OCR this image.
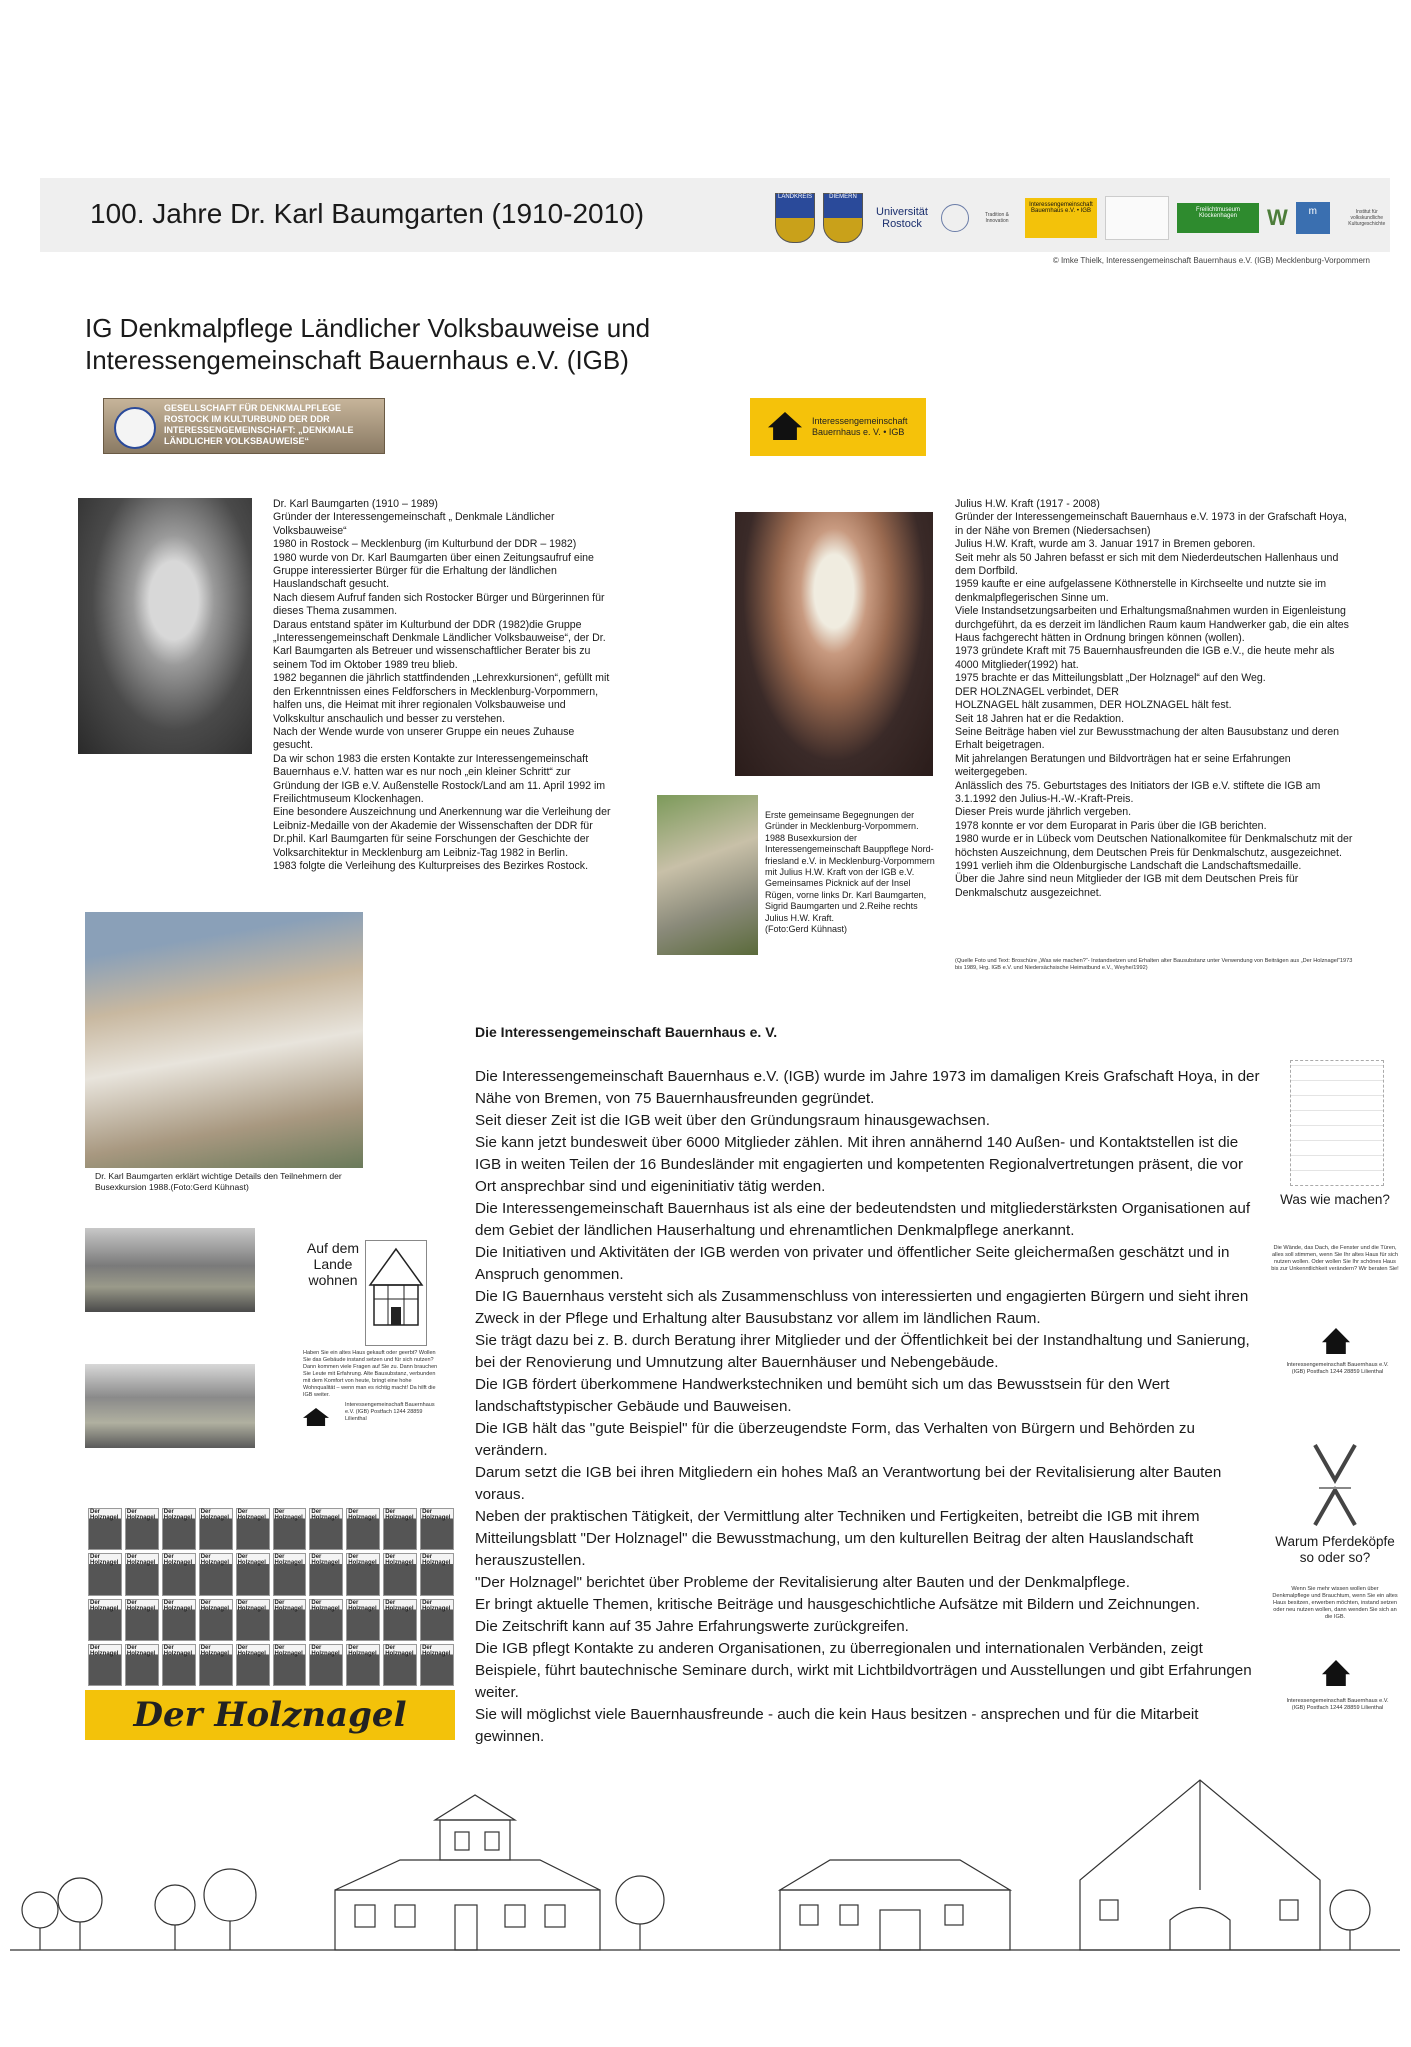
100. Jahre Dr. Karl Baumgarten (1910-2010)
LANDKREIS	DIEMERN
Universität Rostock
Tradition & Innovation
Interessengemeinschaft Bauernhaus e.V. • IGB	Freilichtmuseum Klockenhagen	W	m	Institut für volkskundliche Kulturgeschichte
© Imke Thielk, Interessengemeinschaft Bauernhaus e.V. (IGB) Mecklenburg-Vorpommern
IG Denkmalpflege Ländlicher Volksbauweise und Interessengemeinschaft Bauernhaus e.V. (IGB)
GESELLSCHAFT FÜR DENKMALPFLEGE ROSTOCK IM KULTURBUND DER DDR INTERESSENGEMEINSCHAFT: „DENKMALE LÄNDLICHER VOLKSBAUWEISE“
Interessengemeinschaft Bauernhaus e. V. • IGB
Dr. Karl Baumgarten (1910 – 1989)
Gründer der Interessengemeinschaft „ Denkmale Ländlicher Volksbauweise“
1980 in Rostock – Mecklenburg (im Kulturbund der DDR – 1982)
1980 wurde von Dr. Karl Baumgarten über einen Zeitungsaufruf eine Gruppe interessierter Bürger für die Erhaltung der ländlichen Hauslandschaft gesucht.
Nach diesem Aufruf fanden sich Rostocker Bürger und Bürgerinnen für dieses Thema zusammen.
Daraus entstand später im Kulturbund der DDR (1982)die Gruppe „Interessengemeinschaft Denkmale Ländlicher Volksbauweise“, der Dr. Karl Baumgarten als Betreuer und wissenschaftlicher Berater bis zu seinem Tod im Oktober 1989 treu blieb.
1982 begannen die jährlich stattfindenden „Lehrexkursionen“, gefüllt mit den Erkenntnissen eines Feldforschers in Mecklenburg-Vorpommern, halfen uns, die Heimat mit ihrer regionalen Volksbauweise und Volkskultur anschaulich und besser zu verstehen.
Nach der Wende wurde von unserer Gruppe ein neues Zuhause gesucht.
Da wir schon 1983 die ersten Kontakte zur Interessengemeinschaft Bauernhaus e.V. hatten war es nur noch „ein kleiner Schritt“ zur Gründung der IGB e.V. Außenstelle Rostock/Land am 11. April 1992 im Freilichtmuseum Klockenhagen.
Eine besondere Auszeichnung und Anerkennung war die Verleihung der Leibniz-Medaille von der Akademie der Wissenschaften der DDR für Dr.phil. Karl Baumgarten für seine Forschungen der Geschichte der Volksarchitektur in Mecklenburg am Leibniz-Tag 1982 in Berlin.
1983 folgte die Verleihung des Kulturpreises des Bezirkes Rostock.
Julius H.W. Kraft (1917 - 2008)
Gründer der Interessengemeinschaft Bauernhaus e.V. 1973 in der Grafschaft Hoya, in der Nähe von Bremen (Niedersachsen)
Julius H.W. Kraft, wurde am 3. Januar 1917 in Bremen geboren.
Seit mehr als 50 Jahren befasst er sich mit dem Niederdeutschen Hallenhaus und dem Dorfbild.
1959 kaufte er eine aufgelassene Köthnerstelle in Kirchseelte und nutzte sie im denkmalpflegerischen Sinne um.
Viele Instandsetzungsarbeiten und Erhaltungsmaßnahmen wurden in Eigenleistung durchgeführt, da es derzeit im ländlichen Raum kaum Handwerker gab, die ein altes Haus fachgerecht hätten in Ordnung bringen können (wollen).
1973 gründete Kraft mit 75 Bauernhausfreunden die IGB e.V., die heute mehr als 4000 Mitglieder(1992) hat.
1975 brachte er das Mitteilungsblatt „Der Holznagel“ auf den Weg.
DER HOLZNAGEL verbindet, DER
HOLZNAGEL hält zusammen, DER HOLZNAGEL hält fest.
Seit 18 Jahren hat er die Redaktion.
Seine Beiträge haben viel zur Bewusstmachung der alten Bausubstanz und deren Erhalt beigetragen.
Mit jahrelangen Beratungen und Bildvorträgen hat er seine Erfahrungen weitergegeben.
Anlässlich des 75. Geburtstages des Initiators der IGB e.V. stiftete die IGB am 3.1.1992 den Julius-H.-W.-Kraft-Preis.
Dieser Preis wurde jährlich vergeben.
1978 konnte er vor dem Europarat in Paris über die IGB berichten.
1980 wurde er in Lübeck vom Deutschen Nationalkomitee für Denkmalschutz mit der höchsten Auszeichnung, dem Deutschen Preis für Denkmalschutz, ausgezeichnet.
1991 verlieh ihm die Oldenburgische Landschaft die Landschaftsmedaille.
Über die Jahre sind neun Mitglieder der IGB mit dem Deutschen Preis für Denkmalschutz ausgezeichnet.
(Quelle Foto und Text: Broschüre „Was wie machen?“- Instandsetzen und Erhalten alter Bausubstanz unter Verwendung von Beiträgen aus „Der Holznagel“1973 bis 1989, Hrg. IGB e.V. und Niedersächsische Heimatbund e.V., Weyhe/1992)
Erste gemeinsame Begegnungen der Gründer in Mecklenburg-Vorpommern.
1988 Busexkursion der Interessengemeinschaft Bauppflege Nord-friesland e.V. in Mecklenburg-Vorpommern mit Julius H.W. Kraft von der IGB e.V.
Gemeinsames Picknick auf der Insel Rügen, vorne links Dr. Karl Baumgarten, Sigrid Baumgarten und 2.Reihe rechts Julius H.W. Kraft.
(Foto:Gerd Kühnast)
Dr. Karl Baumgarten erklärt wichtige Details den Teilnehmern der Busexkursion 1988.(Foto:Gerd Kühnast)
Auf dem Lande wohnen
Haben Sie ein altes Haus gekauft oder geerbt? Wollen Sie das Gebäude instand setzen und für sich nutzen? Dann kommen viele Fragen auf Sie zu. Dann brauchen Sie Leute mit Erfahrung. Alte Bausubstanz, verbunden mit dem Komfort von heute, bringt eine hohe Wohnqualität – wenn man es richtig macht! Da hilft die IGB weiter.
Interessengemeinschaft Bauernhaus e.V. (IGB) Postfach 1244 28859 Lilienthal
Der Holznagel
Der Holznagel
Der Holznagel
Der Holznagel
Der Holznagel
Der Holznagel
Der Holznagel
Der Holznagel
Der Holznagel
Der Holznagel
Der Holznagel
Der Holznagel
Der Holznagel
Der Holznagel
Der Holznagel
Der Holznagel
Der Holznagel
Der Holznagel
Der Holznagel
Der Holznagel
Der Holznagel
Der Holznagel
Der Holznagel
Der Holznagel
Der Holznagel
Der Holznagel
Der Holznagel
Der Holznagel
Der Holznagel
Der Holznagel
Der Holznagel
Der Holznagel
Der Holznagel
Der Holznagel
Der Holznagel
Der Holznagel
Der Holznagel
Der Holznagel
Der Holznagel
Der Holznagel
Der Holznagel
Die Interessengemeinschaft Bauernhaus e. V.

Die Interessengemeinschaft Bauernhaus e.V. (IGB) wurde im Jahre 1973 im damaligen Kreis Grafschaft Hoya, in der Nähe von Bremen, von 75 Bauernhausfreunden gegründet.

Seit dieser Zeit ist die IGB weit über den Gründungsraum hinausgewachsen.

Sie kann jetzt bundesweit über 6000 Mitglieder zählen. Mit ihren annähernd 140 Außen- und Kontaktstellen ist die IGB in weiten Teilen der 16 Bundesländer mit engagierten und kompetenten Regionalvertretungen präsent, die vor Ort ansprechbar sind und eigeninitiativ tätig werden.

Die Interessengemeinschaft Bauernhaus ist als eine der bedeutendsten und mitgliederstärksten Organisationen auf dem Gebiet der ländlichen Hauserhaltung und ehrenamtlichen Denkmalpflege anerkannt.

Die Initiativen und Aktivitäten der IGB werden von privater und öffentlicher Seite gleichermaßen geschätzt und in Anspruch genommen.

Die IG Bauernhaus versteht sich als Zusammenschluss von interessierten und engagierten Bürgern und sieht ihren Zweck in der Pflege und Erhaltung alter Bausubstanz vor allem im ländlichen Raum.

Sie trägt dazu bei z. B. durch Beratung ihrer Mitglieder und der Öffentlichkeit bei der Instandhaltung und Sanierung, bei der Renovierung und Umnutzung alter Bauernhäuser und Nebengebäude.

Die IGB fördert überkommene Handwerkstechniken und bemüht sich um das Bewusstsein für den Wert landschaftstypischer Gebäude und Bauweisen.

Die IGB hält das "gute Beispiel" für die überzeugendste Form, das Verhalten von Bürgern und Behörden zu verändern.

Darum setzt die IGB bei ihren Mitgliedern ein hohes Maß an Verantwortung bei der Revitalisierung alter Bauten voraus.

Neben der praktischen Tätigkeit, der Vermittlung alter Techniken und Fertigkeiten, betreibt die IGB mit ihrem Mitteilungsblatt "Der Holznagel" die Bewusstmachung, um den kulturellen Beitrag der alten Hauslandschaft herauszustellen.

"Der Holznagel" berichtet über Probleme der Revitalisierung alter Bauten und der Denkmalpflege.

Er bringt aktuelle Themen, kritische Beiträge und hausgeschichtliche Aufsätze mit Bildern und Zeichnungen.

Die Zeitschrift kann auf 35 Jahre Erfahrungswerte zurückgreifen.

Die IGB pflegt Kontakte zu anderen Organisationen, zu überregionalen und internationalen Verbänden, zeigt Beispiele, führt bautechnische Seminare durch, wirkt mit Lichtbildvorträgen und Ausstellungen und gibt Erfahrungen weiter.

Sie will möglichst viele Bauernhausfreunde - auch die kein Haus besitzen - ansprechen und für die Mitarbeit gewinnen.

Was wie machen?
Die Wände, das Dach, die Fenster und die Türen, alles soll stimmen, wenn Sie Ihr altes Haus für sich nutzen wollen. Oder wollen Sie Ihr schönes Haus bis zur Unkenntlichkeit verändern? Wir beraten Sie!
Interessengemeinschaft Bauernhaus e.V. (IGB) Postfach 1244 28859 Lilienthal
Warum Pferdeköpfe so oder so?
Wenn Sie mehr wissen wollen über Denkmalpflege und Brauchtum, wenn Sie ein altes Haus besitzen, erwerben möchten, instand setzen oder neu nutzen wollen, dann wenden Sie sich an die IGB.
Interessengemeinschaft Bauernhaus e.V. (IGB) Postfach 1244 28859 Lilienthal
